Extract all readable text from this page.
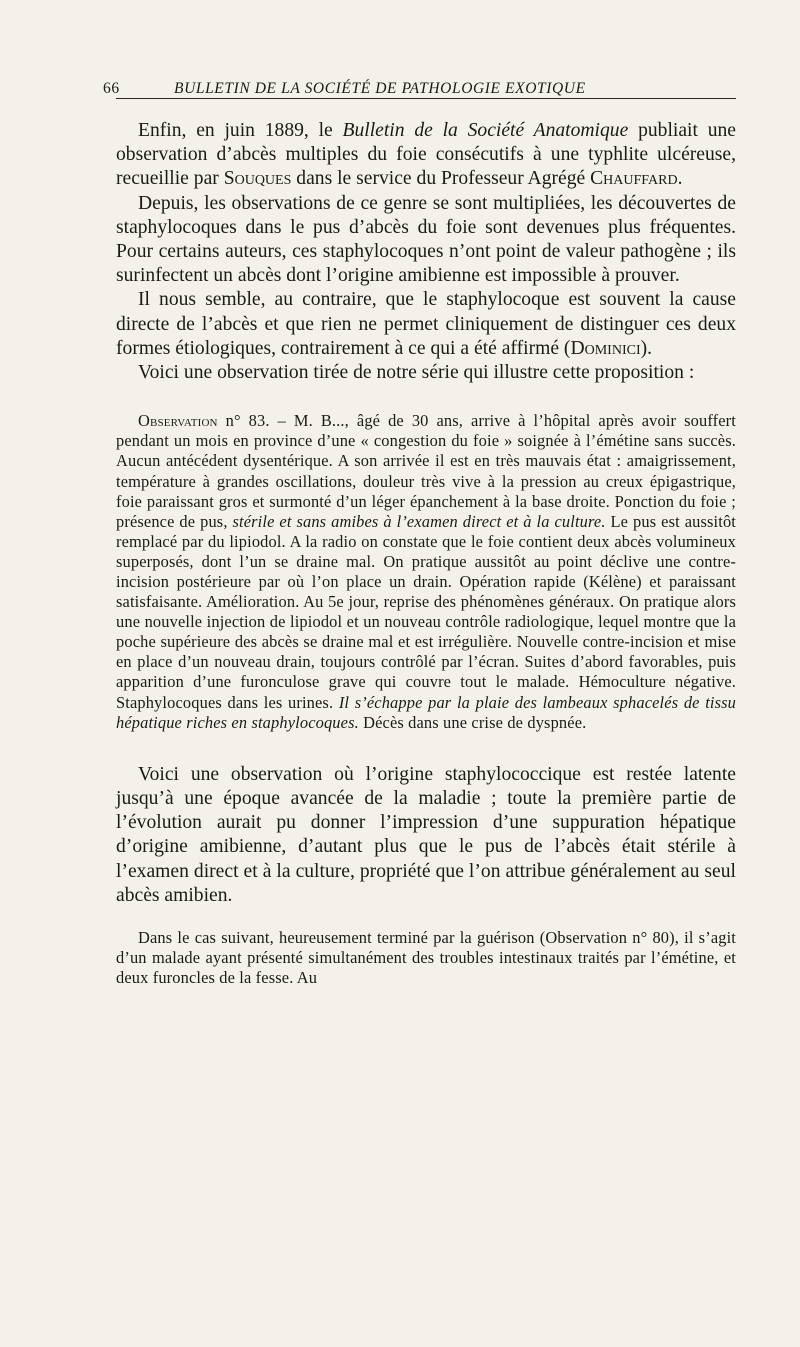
66	BULLETIN DE LA SOCIÉTÉ DE PATHOLOGIE EXOTIQUE

Enfin, en juin 1889, le Bulletin de la Société Anatomique publiait une observation d’abcès multiples du foie consécutifs à une typhlite ulcéreuse, recueillie par Souques dans le service du Professeur Agrégé Chauffard.

Depuis, les observations de ce genre se sont multipliées, les découvertes de staphylocoques dans le pus d’abcès du foie sont devenues plus fréquentes. Pour certains auteurs, ces staphylocoques n’ont point de valeur pathogène ; ils surinfectent un abcès dont l’origine amibienne est impossible à prouver.

Il nous semble, au contraire, que le staphylocoque est souvent la cause directe de l’abcès et que rien ne permet cliniquement de distinguer ces deux formes étiologiques, contrairement à ce qui a été affirmé (Dominici).

Voici une observation tirée de notre série qui illustre cette proposition :

Observation n° 83. – M. B..., âgé de 30 ans, arrive à l’hôpital après avoir souffert pendant un mois en province d’une « congestion du foie » soignée à l’émétine sans succès. Aucun antécédent dysentérique. A son arrivée il est en très mauvais état : amaigrissement, température à grandes oscillations, douleur très vive à la pression au creux épigastrique, foie paraissant gros et surmonté d’un léger épanchement à la base droite. Ponction du foie ; présence de pus, stérile et sans amibes à l’examen direct et à la culture. Le pus est aussitôt remplacé par du lipiodol. A la radio on constate que le foie contient deux abcès volumineux superposés, dont l’un se draine mal. On pratique aussitôt au point déclive une contre-incision postérieure par où l’on place un drain. Opération rapide (Kélène) et paraissant satisfaisante. Amélioration. Au 5e jour, reprise des phénomènes généraux. On pratique alors une nouvelle injection de lipiodol et un nouveau contrôle radiologique, lequel montre que la poche supérieure des abcès se draine mal et est irrégulière. Nouvelle contre-incision et mise en place d’un nouveau drain, toujours contrôlé par l’écran. Suites d’abord favorables, puis apparition d’une furonculose grave qui couvre tout le malade. Hémoculture négative. Staphylocoques dans les urines. Il s’échappe par la plaie des lambeaux sphacelés de tissu hépatique riches en staphylocoques. Décès dans une crise de dyspnée.

Voici une observation où l’origine staphylococcique est restée latente jusqu’à une époque avancée de la maladie ; toute la première partie de l’évolution aurait pu donner l’impression d’une suppuration hépatique d’origine amibienne, d’autant plus que le pus de l’abcès était stérile à l’examen direct et à la culture, propriété que l’on attribue généralement au seul abcès amibien.

Dans le cas suivant, heureusement terminé par la guérison (Observation n° 80), il s’agit d’un malade ayant présenté simultanément des troubles intestinaux traités par l’émétine, et deux furoncles de la fesse. Au
